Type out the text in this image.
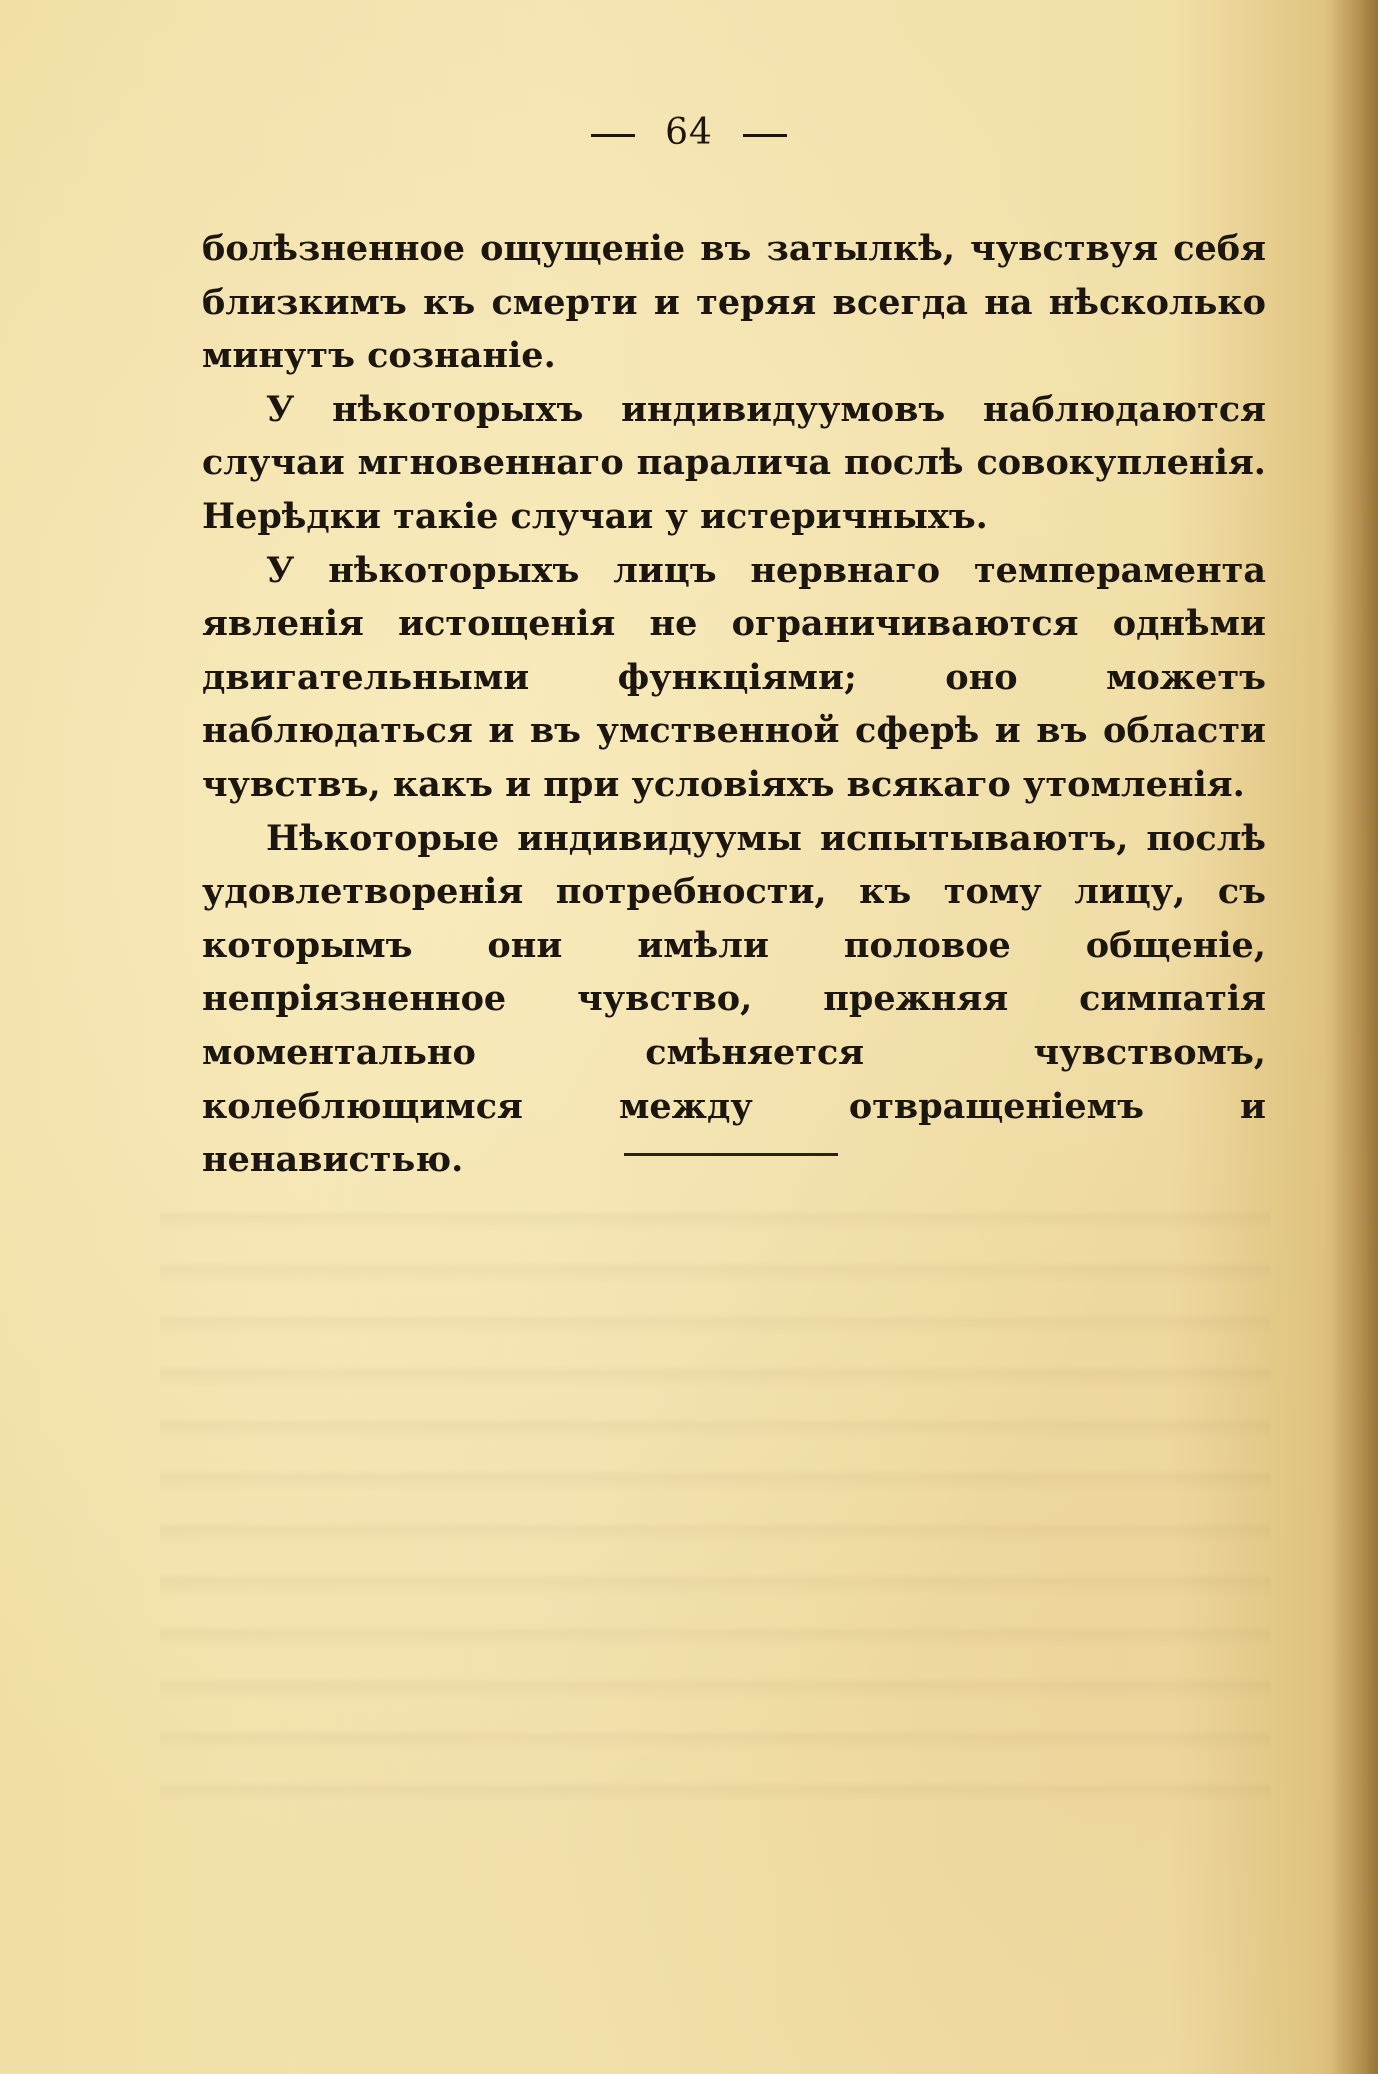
64

болѣзненное ощущеніе въ затылкѣ, чувствуя себя близкимъ къ смерти и теряя всегда на нѣсколько минутъ сознаніе.

У нѣкоторыхъ индивидуумовъ наблюдаются случаи мгновеннаго паралича послѣ совокупленія. Нерѣдки такіе случаи у истеричныхъ.

У нѣкоторыхъ лицъ нервнаго темперамента явленія истощенія не ограничиваются однѣми двигательными функціями; оно можетъ наблюдаться и въ умственной сферѣ и въ области чувствъ, какъ и при условіяхъ всякаго утомленія.

Нѣкоторые индивидуумы испытываютъ, послѣ удовлетворенія потребности, къ тому лицу, съ которымъ они имѣли половое общеніе, непріязненное чувство, прежняя симпатія моментально смѣняется чувствомъ, колеблющимся между отвращеніемъ и ненавистью.
